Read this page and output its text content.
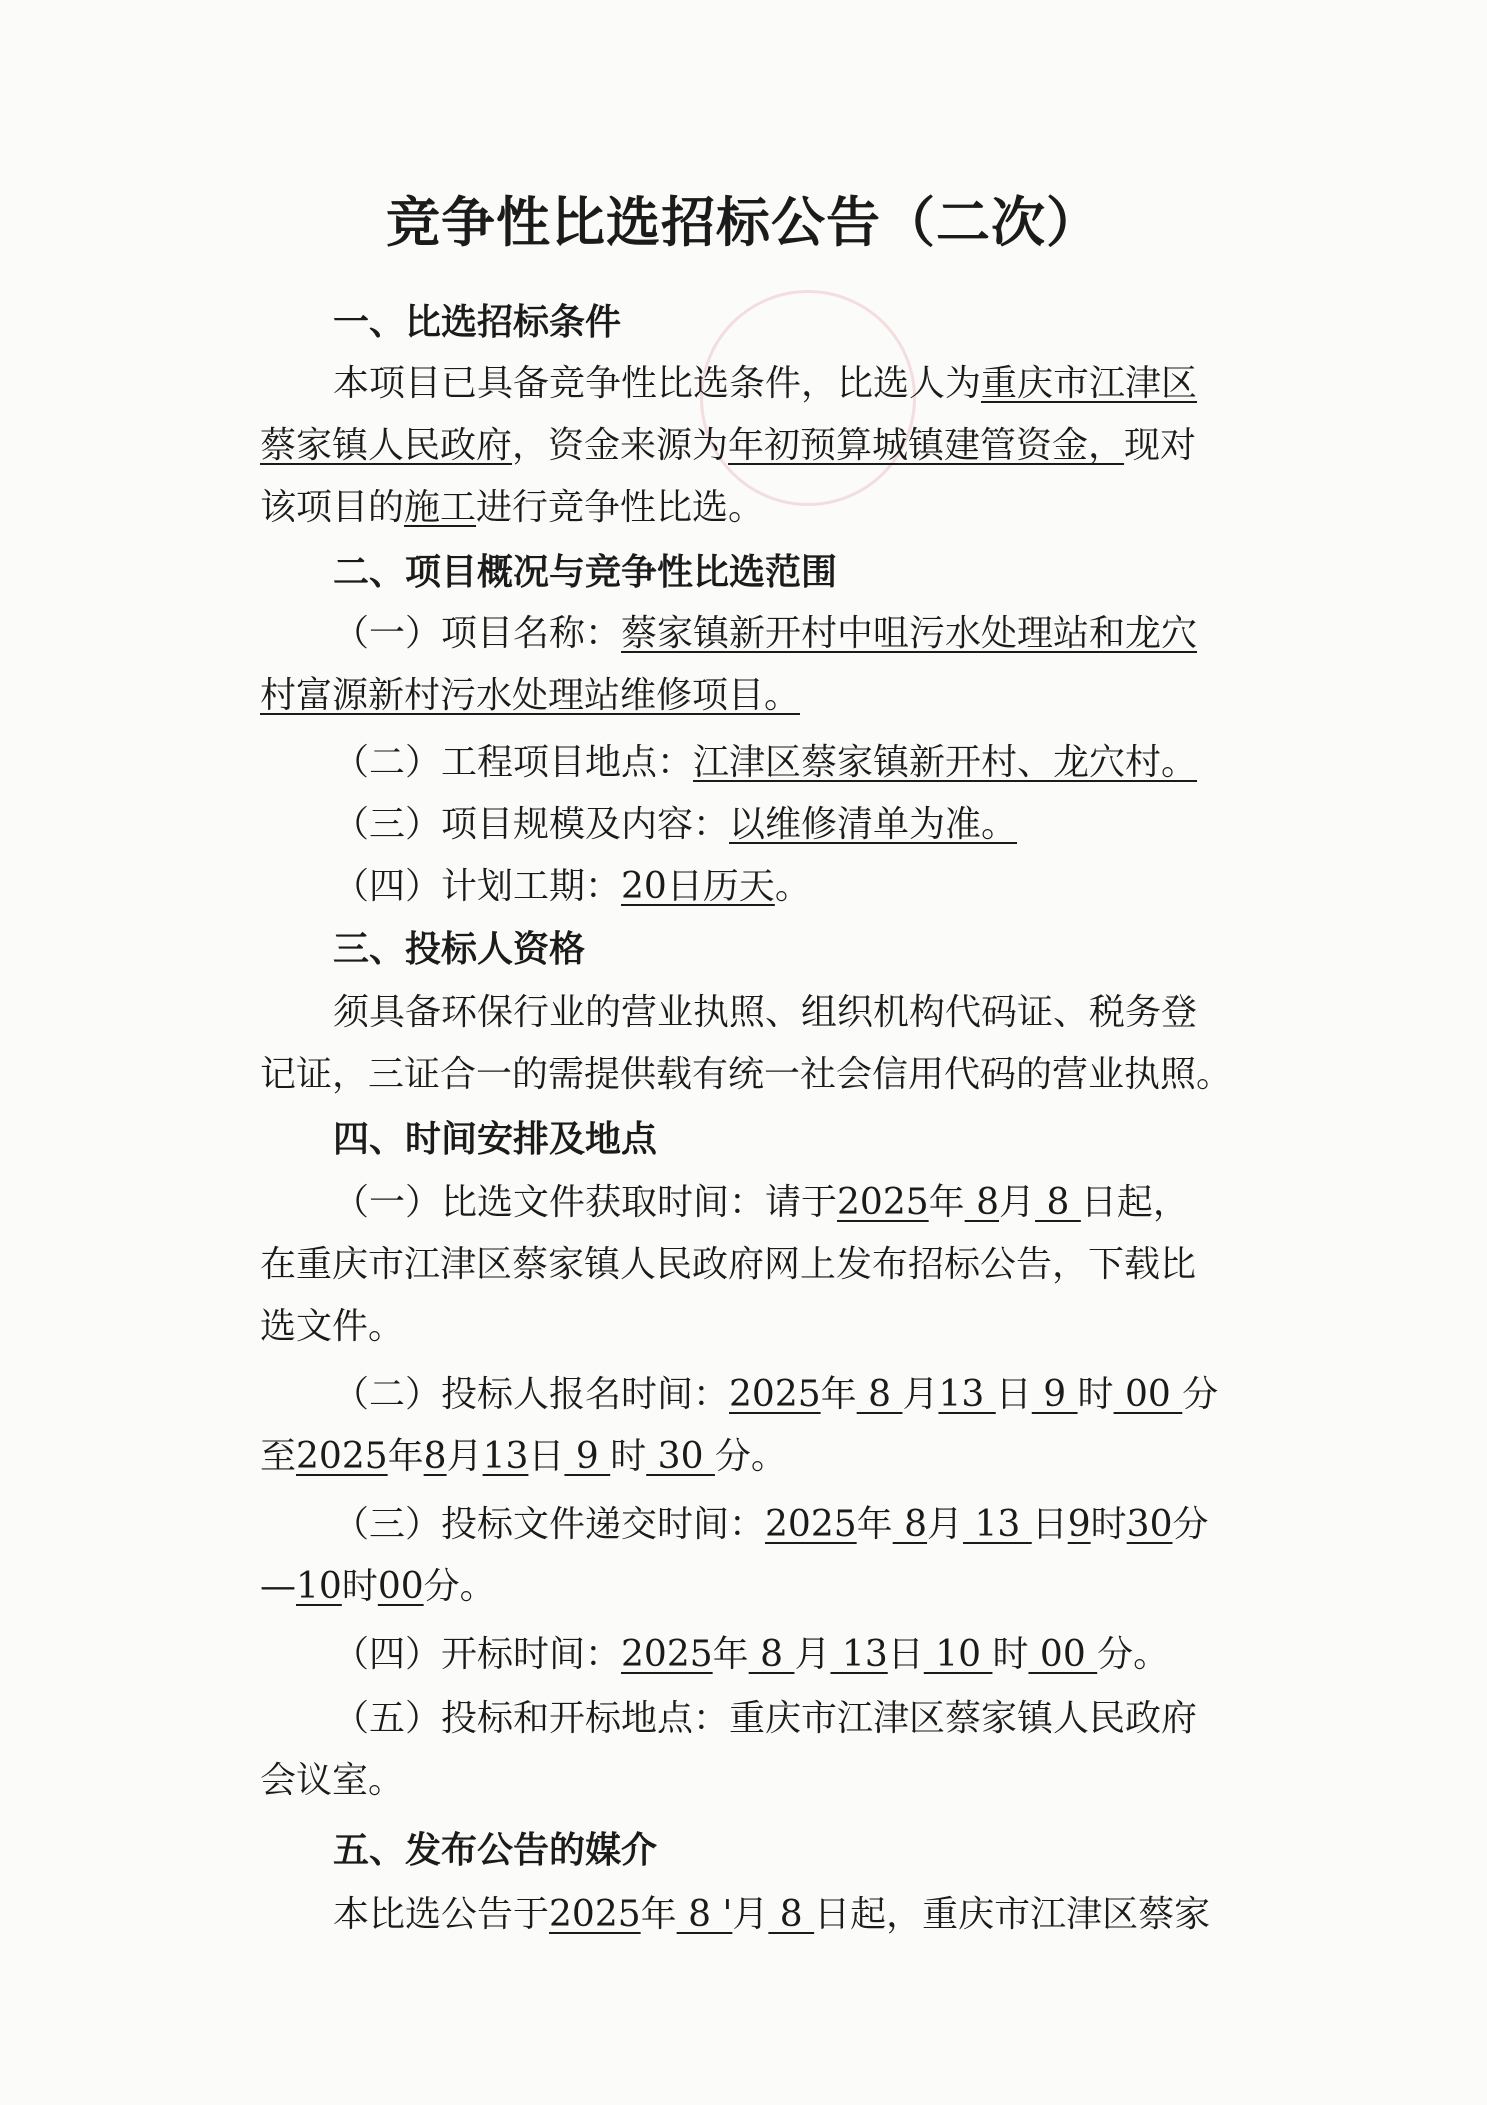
竞争性比选招标公告（二次）
一、比选招标条件
本项目已具备竞争性比选条件，比选人为重庆市江津区
蔡家镇人民政府，资金来源为年初预算城镇建管资金，现对
该项目的施工进行竞争性比选。
二、项目概况与竞争性比选范围
（一）项目名称：蔡家镇新开村中咀污水处理站和龙穴
村富源新村污水处理站维修项目。
（二）工程项目地点：江津区蔡家镇新开村、龙穴村。
（三）项目规模及内容：以维修清单为准。
（四）计划工期：20日历天。
三、投标人资格
须具备环保行业的营业执照、组织机构代码证、税务登
记证，三证合一的需提供载有统一社会信用代码的营业执照。
四、时间安排及地点
（一）比选文件获取时间：请于2025年 8月 8 日起，
在重庆市江津区蔡家镇人民政府网上发布招标公告，下载比
选文件。
（二）投标人报名时间：2025年 8 月13 日 9 时 00 分
至2025年8月13日 9 时 30 分。
（三）投标文件递交时间：2025年 8月 13 日9时30分
—10时00分。
（四）开标时间：2025年 8 月 13日 10 时 00 分。
（五）投标和开标地点：重庆市江津区蔡家镇人民政府
会议室。
五、发布公告的媒介
本比选公告于2025年 8 '月 8 日起，重庆市江津区蔡家
